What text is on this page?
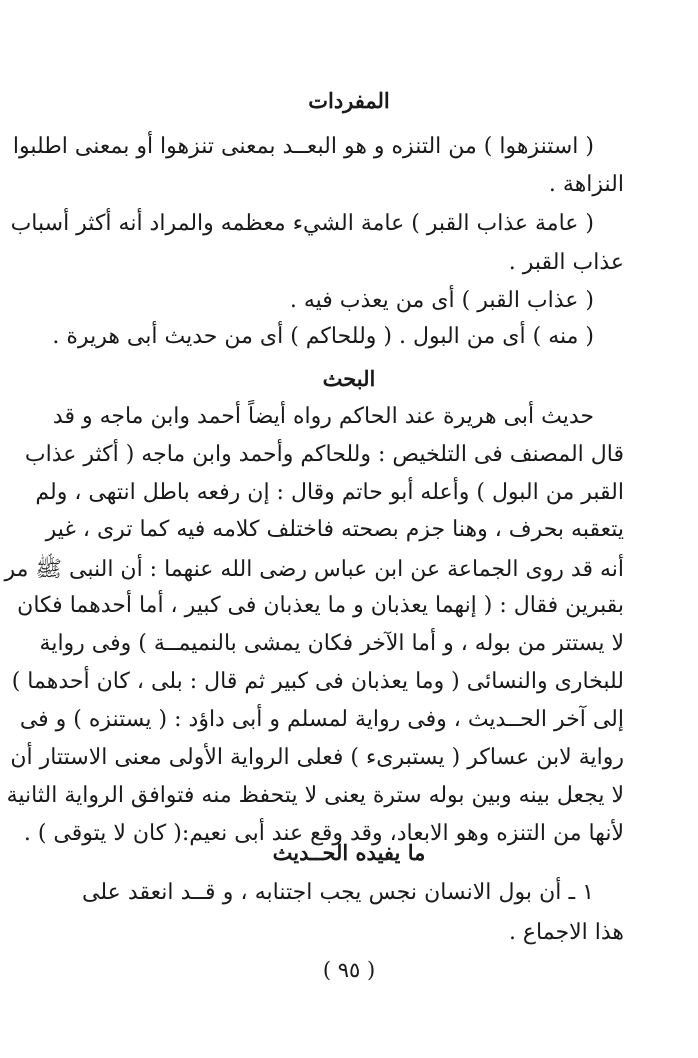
المفردات
( استنزهوا ) من التنزه و هو البعــد بمعنى تنزهوا أو بمعنى اطلبوا
النزاهة .
( عامة عذاب القبر ) عامة الشيء معظمه والمراد أنه أكثر أسباب
عذاب القبر .
( عذاب القبر ) أى من يعذب فيه .
( منه ) أى من البول . ( وللحاكم ) أى من حديث أبى هريرة .
البحث
حديث أبى هريرة عند الحاكم رواه أيضاً أحمد وابن ماجه و قد
قال المصنف فى التلخيص : وللحاكم وأحمد وابن ماجه ( أكثر عذاب
القبر من البول ) وأعله أبو حاتم وقال : إن رفعه باطل انتهى ، ولم
يتعقبه بحرف ، وهنا جزم بصحته فاختلف كلامه فيه كما ترى ، غير
أنه قد روى الجماعة عن ابن عباس رضى الله عنهما : أن النبى ﷺ مر
بقبرين فقال : ( إنهما يعذبان و ما يعذبان فى كبير ، أما أحدهما فكان
لا يستتر من بوله ، و أما الآخر فكان يمشى بالنميمــة ) وفى رواية
للبخارى والنسائى ( وما يعذبان فى كبير ثم قال : بلى ، كان أحدهما )
إلى آخر الحــديث ، وفى رواية لمسلم و أبى داؤد : ( يستنزه ) و فى
رواية لابن عساكر ( يستبرىء ) فعلى الرواية الأولى معنى الاستتار أن
لا يجعل بينه وبين بوله سترة يعنى لا يتحفظ منه فتوافق الرواية الثانية
لأنها من التنزه وهو الابعاد، وقد وقع عند أبى نعيم:( كان لا يتوقى ) .
ما يفيده الحــديث
١ ـ أن بول الانسان نجس يجب اجتنابه ، و قــد انعقد على
هذا الاجماع .
( ٩٥ )
